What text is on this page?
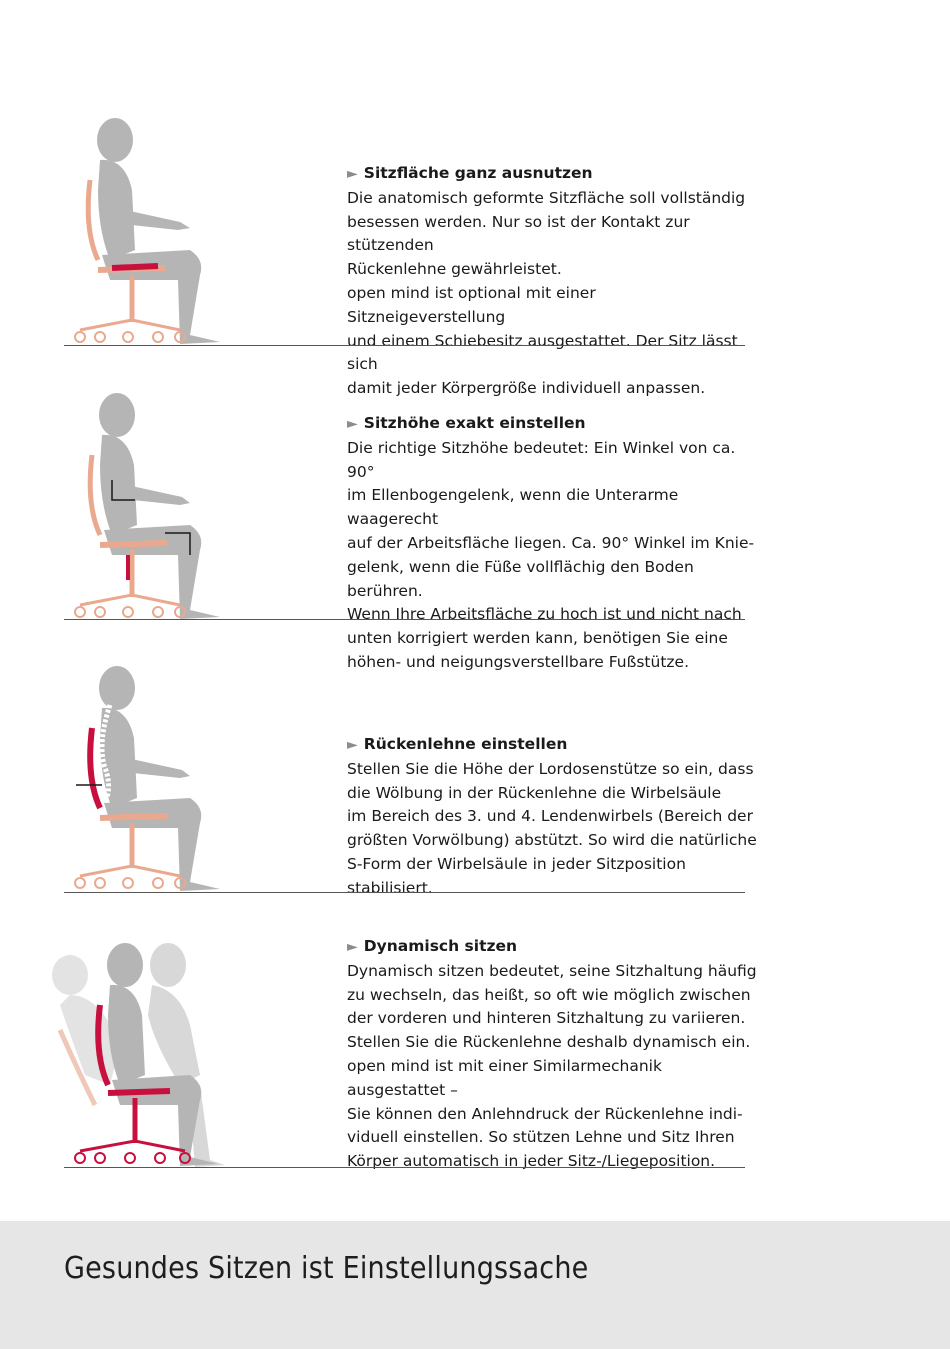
► Sitzfläche ganz ausnutzen

Die anatomisch geformte Sitzfläche soll vollständig
besessen werden. Nur so ist der Kontakt zur stützenden
Rückenlehne gewährleistet.
open mind ist optional mit einer Sitzneigeverstellung
und einem Schiebesitz ausgestattet. Der Sitz lässt sich
damit jeder Körpergröße individuell anpassen.

► Sitzhöhe exakt einstellen

Die richtige Sitzhöhe bedeutet: Ein Winkel von ca. 90°
im Ellenbogengelenk, wenn die Unterarme waagerecht
auf der Arbeitsfläche liegen. Ca. 90° Winkel im Knie-
gelenk, wenn die Füße vollflächig den Boden berühren.
Wenn Ihre Arbeitsfläche zu hoch ist und nicht nach
unten korrigiert werden kann, benötigen Sie eine
höhen- und neigungsverstellbare Fußstütze.

► Rückenlehne einstellen

Stellen Sie die Höhe der Lordosenstütze so ein, dass
die Wölbung in der Rückenlehne die Wirbelsäule
im Bereich des 3. und 4. Lendenwirbels (Bereich der
größten Vorwölbung) abstützt. So wird die natürliche
S-Form der Wirbelsäule in jeder Sitzposition stabilisiert.

► Dynamisch sitzen

Dynamisch sitzen bedeutet, seine Sitzhaltung häufig
zu wechseln, das heißt, so oft wie möglich zwischen
der vorderen und hinteren Sitzhaltung zu variieren.
Stellen Sie die Rückenlehne deshalb dynamisch ein.
open mind ist mit einer Similarmechanik ausgestattet –
Sie können den Anlehndruck der Rückenlehne indi-
viduell einstellen. So stützen Lehne und Sitz Ihren
Körper automatisch in jeder Sitz-/Liegeposition.

Gesundes Sitzen ist Einstellungssache
